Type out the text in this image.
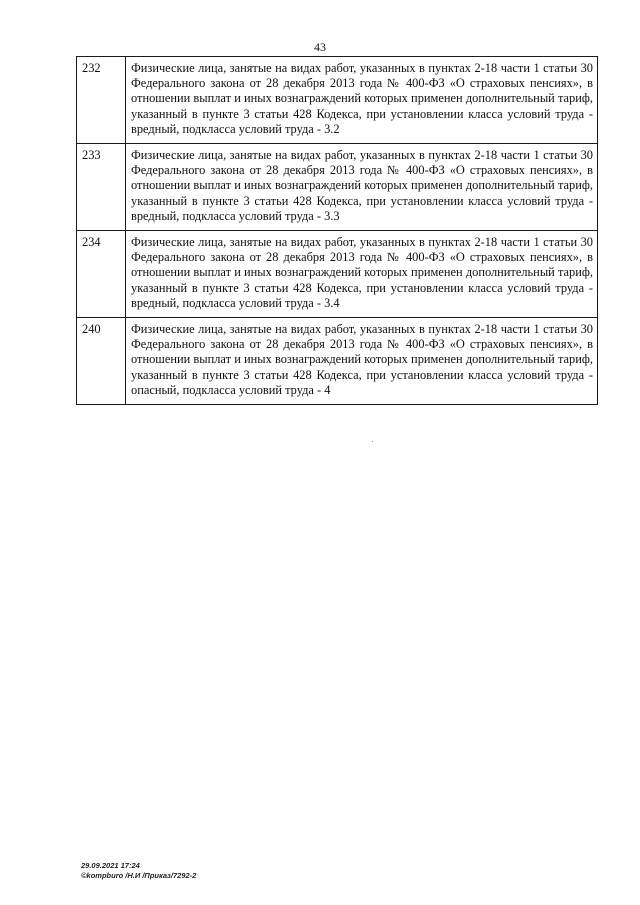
43
232	Физические лица, занятые на видах работ, указанных в пунктах 2-18 части 1 статьи 30 Федерального закона от 28 декабря 2013 года № 400-ФЗ «О страховых пенсиях», в отношении выплат и иных вознаграждений которых применен дополнительный тариф, указанный в пункте 3 статьи 428 Кодекса, при установлении класса условий труда - вредный, подкласса условий труда - 3.2
233	Физические лица, занятые на видах работ, указанных в пунктах 2-18 части 1 статьи 30 Федерального закона от 28 декабря 2013 года № 400-ФЗ «О страховых пенсиях», в отношении выплат и иных вознаграждений которых применен дополнительный тариф, указанный в пункте 3 статьи 428 Кодекса, при установлении класса условий труда - вредный, подкласса условий труда - 3.3
234	Физические лица, занятые на видах работ, указанных в пунктах 2-18 части 1 статьи 30 Федерального закона от 28 декабря 2013 года № 400-ФЗ «О страховых пенсиях», в отношении выплат и иных вознаграждений которых применен дополнительный тариф, указанный в пункте 3 статьи 428 Кодекса, при установлении класса условий труда - вредный, подкласса условий труда - 3.4
240	Физические лица, занятые на видах работ, указанных в пунктах 2-18 части 1 статьи 30 Федерального закона от 28 декабря 2013 года № 400-ФЗ «О страховых пенсиях», в отношении выплат и иных вознаграждений которых применен дополнительный тариф, указанный в пункте 3 статьи 428 Кодекса, при установлении класса условий труда - опасный, подкласса условий труда - 4
29.09.2021 17:24
©kompburo /Н.И /Приказ/7292-2
